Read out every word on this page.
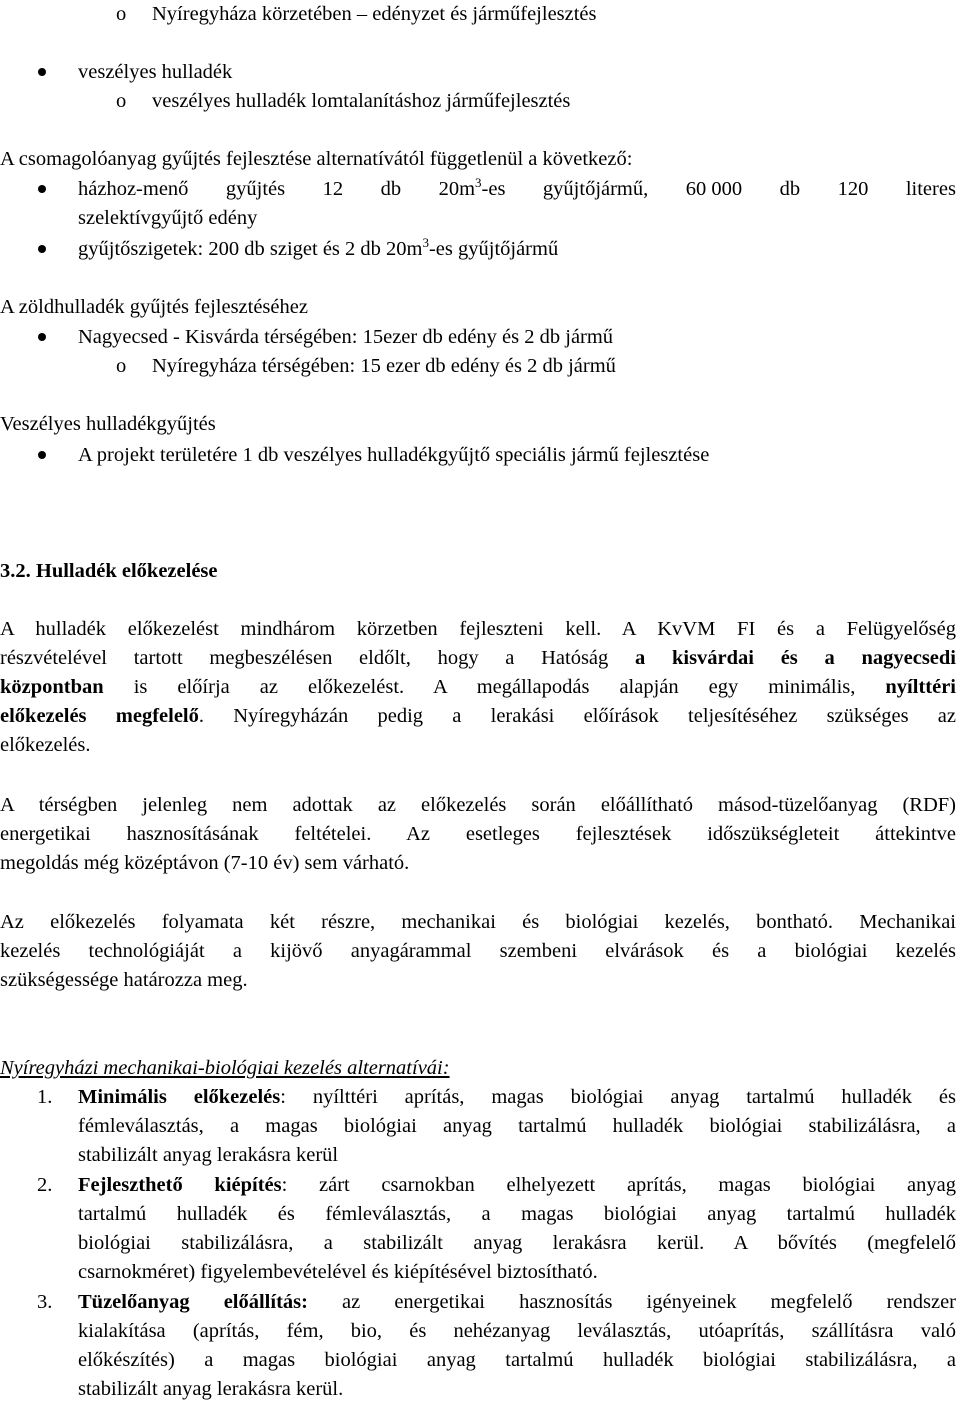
o Nyíregyháza körzetében – edényzet és járműfejlesztés
veszélyes hulladék
o veszélyes hulladék lomtalanításhoz járműfejlesztés
A csomagolóanyag gyűjtés fejlesztése alternatívától függetlenül a következő:
házhoz-menő gyűjtés 12 db $20m^3-es$ gyűjtőjármű, 60 000 db 120 literes
szelektívgyűjtő edény
gyűjtőszigetek: 200 db sziget és 2 db $20m^3-es$ gyűjtőjármű
A zöldhulladék gyűjtés fejlesztéséhez
Nagyecsed - Kisvárda térségében: 15ezer db edény és 2 db jármű
o Nyíregyháza térségében: 15 ezer db edény és 2 db jármű
Veszélyes hulladékgyűjtés
A projekt területére 1 db veszélyes hulladékgyűjtő speciális jármű fejlesztése
3.2. Hulladék előkezelése
A hulladék előkezelést mindhárom körzetben fejleszteni kell. A KvVM FI és a Felügyelőség
részvételével tartott megbeszélésen eldőlt, hogy a Hatóság a kisvárdai és a nagyecsedi
központban is előírja az előkezelést. A megállapodás alapján egy minimális, nyílttéri
előkezelés megfelelő. Nyíregyházán pedig a lerakási előírások teljesítéséhez szükséges az
előkezelés.
A térségben jelenleg nem adottak az előkezelés során előállítható másod-tüzelőanyag (RDF)
energetikai hasznosításának feltételei. Az esetleges fejlesztések időszükségleteit áttekintve
megoldás még középtávon (7-10 év) sem várható.
Az előkezelés folyamata két részre, mechanikai és biológiai kezelés, bontható. Mechanikai
kezelés technológiáját a kijövő anyagárammal szembeni elvárások és a biológiai kezelés
szükségessége határozza meg.
Nyíregyházi mechanikai-biológiai kezelés alternatívái:
1. Minimális előkezelés: nyílttéri aprítás, magas biológiai anyag tartalmú hulladék és
fémleválasztás, a magas biológiai anyag tartalmú hulladék biológiai stabilizálásra, a
stabilizált anyag lerakásra kerül
2. Fejleszthető kiépítés: zárt csarnokban elhelyezett aprítás, magas biológiai anyag
tartalmú hulladék és fémleválasztás, a magas biológiai anyag tartalmú hulladék
biológiai stabilizálásra, a stabilizált anyag lerakásra kerül. A bővítés (megfelelő
csarnokméret) figyelembevételével és kiépítésével biztosítható.
3. Tüzelőanyag előállítás: az energetikai hasznosítás igényeinek megfelelő rendszer
kialakítása (aprítás, fém, bio, és nehézanyag leválasztás, utóaprítás, szállításra való
előkészítés) a magas biológiai anyag tartalmú hulladék biológiai stabilizálásra, a
stabilizált anyag lerakásra kerül.
